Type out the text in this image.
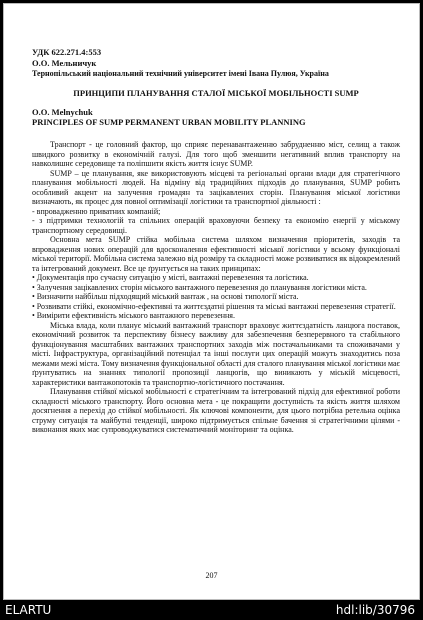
УДК 622.271.4:553

О.О. Мельничук

Тернопільський національний технічний університет імені Івана Пулюя, Україна

ПРИНЦИПИ ПЛАНУВАННЯ СТАЛОЇ МІСЬКОЇ МОБІЛЬНОСТІ SUMP

O.O. Melnychuk

PRINCIPLES OF SUMP PERMANENT URBAN MOBILITY PLANNING

Транспорт - це головний фактор, що сприяє перенавантаженню забрудненню міст, селищ а також швидкого розвитку в економічній галузі. Для того щоб зменшити негативний вплив транспорту на навколишнє середовище та поліпшити якість життя існує SUMP.

SUMP – це планування, яке використовують місцеві та регіональні органи влади для стратегічного планування мобільності людей. На відміну від традиційних підходів до планування, SUMP робить особливий акцент на залучення громадян та зацікавлених сторін. Планування міської логістики визначають, як процес для повної оптимізації логістики та транспортної діяльності :

- впровадженню приватних компаній;

- з підтримки технологій та спільних операцій враховуючи безпеку та економію енергії у міському транспортному середовищі.

Основна мета SUMP стійка мобільна система шляхом визначення пріоритетів, заходів та впровадження нових операцій для вдосконалення ефективності міської логістики у всьому функціоналі міської території. Мобільна система залежно від розміру та складності може розвиватися як відокремлений та інтегрований документ. Все це ґрунтується на таких принципах:

• Документація про сучасну ситуацію у місті, вантажні перевезення та логістика.

• Залучення зацікавлених сторін міського вантажного перевезення до планування логістики міста.

• Визначити найбільш підходящий міський вантаж , на основі типології міста.

• Розвивати стійкі, економічно-ефективні та життєздатні рішення та міські вантажні перевезення стратегії.

• Вимірити ефективність міського вантажного перевезення.

Міська влада, коли планує міський вантажний транспорт враховує життєздатність ланцюга поставок, економічний розвиток та перспективу бізнесу важливу для забезпечення безперервного та стабільного функціонування масштабних вантажних транспортних заходів між постачальниками та споживачами у місті. Інфраструктура, організаційний потенціал та інші послуги цих операцій можуть знаходитись поза межами межі міста. Тому визначення функціональної області для сталого планування міської логістики має ґрунтуватись на знаннях типології пропозиції ланцюгів, що виникають у міській місцевості, характеристики вантажопотоків та транспортно-логістичного постачання.

Планування стійкої міської мобільності є стратегічним та інтегрований підхід для ефективної роботи складності міського транспорту. Його основна мета - це покращити доступність та якість життя шляхом досягнення а перехід до стійкої мобільності. Як ключові компоненти, для цього потрібна ретельна оцінка струму ситуація та майбутні тенденції, широко підтримується спільне бачення зі стратегічними цілями - виконання яких має супроводжуватися систематичний моніторинг та оцінка.

207
ELARTU	hdl:lib/30796
